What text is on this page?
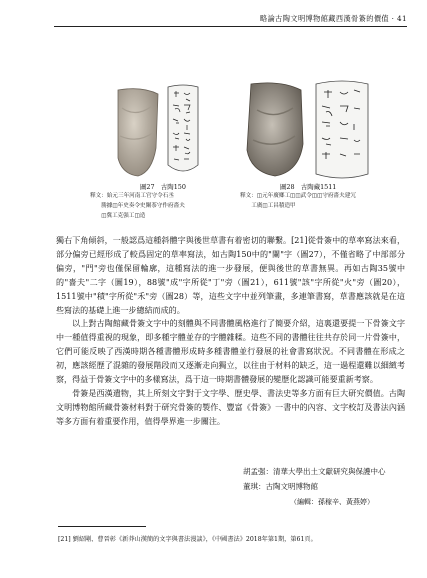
略論古陶文明博物館藏西漢骨簽的價值 · 41
圖27　古陶150
釋文：始元三年河南工官守令石丞
　　勝據◫年史奏令史闌茶守作府嗇夫
　　◫冀工克强工◫造
圖28　古陶藏1511
釋文：◫元年廣鄉工◫◫武令◫◫守府嗇夫建冗
　　工廣◫工昌積造甲

獨右下角傾斜，一般認爲這種斜體字與後世草書有着密切的聯繫。[21]從骨簽中的草率寫法來看，部分偏旁已經形成了較爲固定的草率寫法，如古陶150中的"闌"字（圖27），不僅省略了中部部分偏旁，"門"旁也僅保留輪廓，這種寫法的進一步發展，便與後世的草書無異。再如古陶35號中的"嗇夫"二字（圖19），88號"成"字所從"丁"旁（圖21），611號"該"字所從"火"旁（圖20），1511號中"積"字所從"禾"旁（圖28）等，這些文字中並列筆畫，多連筆書寫，草書應該就是在這些寫法的基礎上進一步總結而成的。

以上對古陶館藏骨簽文字中的刻體與不同書體風格進行了簡要介紹，這裏還要提一下骨簽文字中一種值得重視的現象，即多種字體並存的字體雜糅。這些不同的書體往往共存於同一片骨簽中，它們可能反映了西漢時期各種書體形成時多種書體並行發展的社會書寫狀況。不同書體在形成之初，應該經歷了混雜的發展階段而又逐漸走向獨立，以往由于材料的缺乏，這一過程還難以細緻考察，得益于骨簽文字中的多樣寫法，爲于這一時期書體發展的變歷化認識可能要重新考察。

骨簽是西漢遺物，其上所刻文字對于文字學、歷史學、書法史等多方面有巨大研究價值。古陶文明博物館所藏骨簽材料對于研究骨簽的製作、豐富《骨簽》一書中的內容、文字校訂及書法內涵等多方面有着重要作用，值得學界進一步關注。

胡孟强：清華大學出土文獻研究與保護中心
董琪：古陶文明博物館
（編輯：孫稼辛、黃燕婷）
[21] 劉紹剛、曹晉彰《新莽山漢簡的文字與書法漫談》，《中國書法》2018年第1期，第61頁。
